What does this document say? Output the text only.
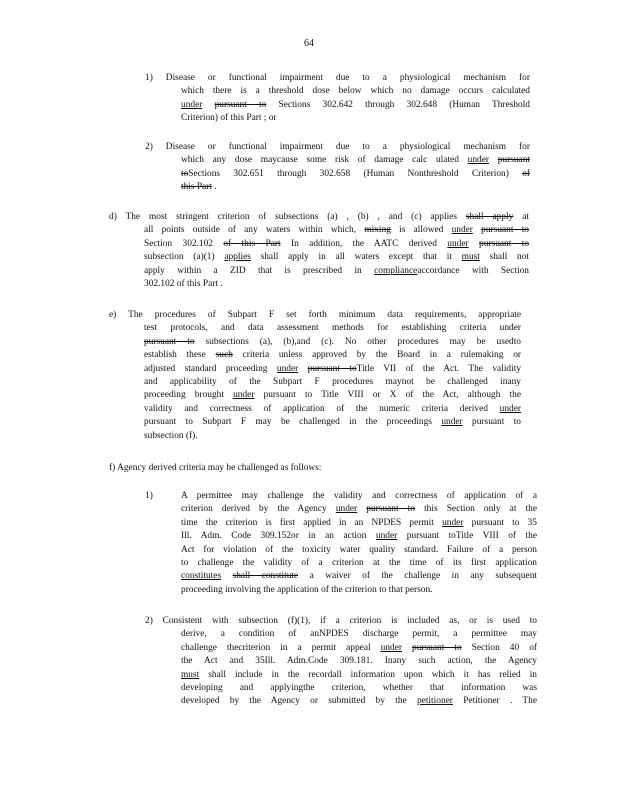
64
1) Disease or functional impairment due to a physiological mechanism for
which there is a threshold dose below which no damage occurs calculated
under pursuant to Sections 302.642 through 302.648 (Human Threshold
Criterion) of this Part ; or
2) Disease or functional impairment due to a physiological mechanism for
which any dose maycause some risk of damage calc ulated under pursuant
toSections 302.651 through 302.658 (Human Nonthreshold Criterion) of
this Part .
d) The most stringent criterion of subsections (a) , (b) , and (c) applies shall apply at
all points outside of any waters within which, mixing is allowed under pursuant to
Section 302.102 of this Part In addition, the AATC derived under pursuant to
subsection (a)(1) applies shall apply in all waters except that it must shall not
apply within a ZID that is prescribed in complianceaccordance with Section
302.102 of this Part .
e) The procedures of Subpart F set forth minimum data requirements, appropriate
test protocols, and data assessment methods for establishing criteria under
pursuant to subsections (a), (b),and (c). No other procedures may be usedto
establish these such criteria unless approved by the Board in a rulemaking or
adjusted standard proceeding under pursuant toTitle VII of the Act. The validity
and applicability of the Subpart F procedures maynot be challenged inany
proceeding brought under pursuant to Title VIII or X of the Act, although the
validity and correctness of application of the numeric criteria derived under
pursuant to Subpart F may be challenged in the proceedings under pursuant to
subsection (f).
f) Agency derived criteria may be challenged as follows:
1)	A permittee may challenge the validity and correctness of application of a
criterion derived by the Agency under pursuant to this Section only at the
time the criterion is first applied in an NPDES permit under pursuant to 35
Ill. Adm. Code 309.152or in an action under pursuant toTitle VIII of the
Act for violation of the toxicity water quality standard. Failure of a person
to challenge the validity of a criterion at the time of its first application
constitutes shall constitute a waiver of the challenge in any subsequent
proceeding involving the application of the criterion to that person.
2) Consistent with subsection (f)(1), if a criterion is included as, or is used to
derive, a condition of anNPDES discharge permit, a permittee may
challenge thecriterion in a permit appeal under pursuant to Section 40 of
the Act and 35Ill. Adm.Code 309.181. Inany such action, the Agency
must shall include in the recordall information upon which it has relied in
developing and applyingthe criterion, whether that information was
developed by the Agency or submitted by the petitioner Petitioner . The
